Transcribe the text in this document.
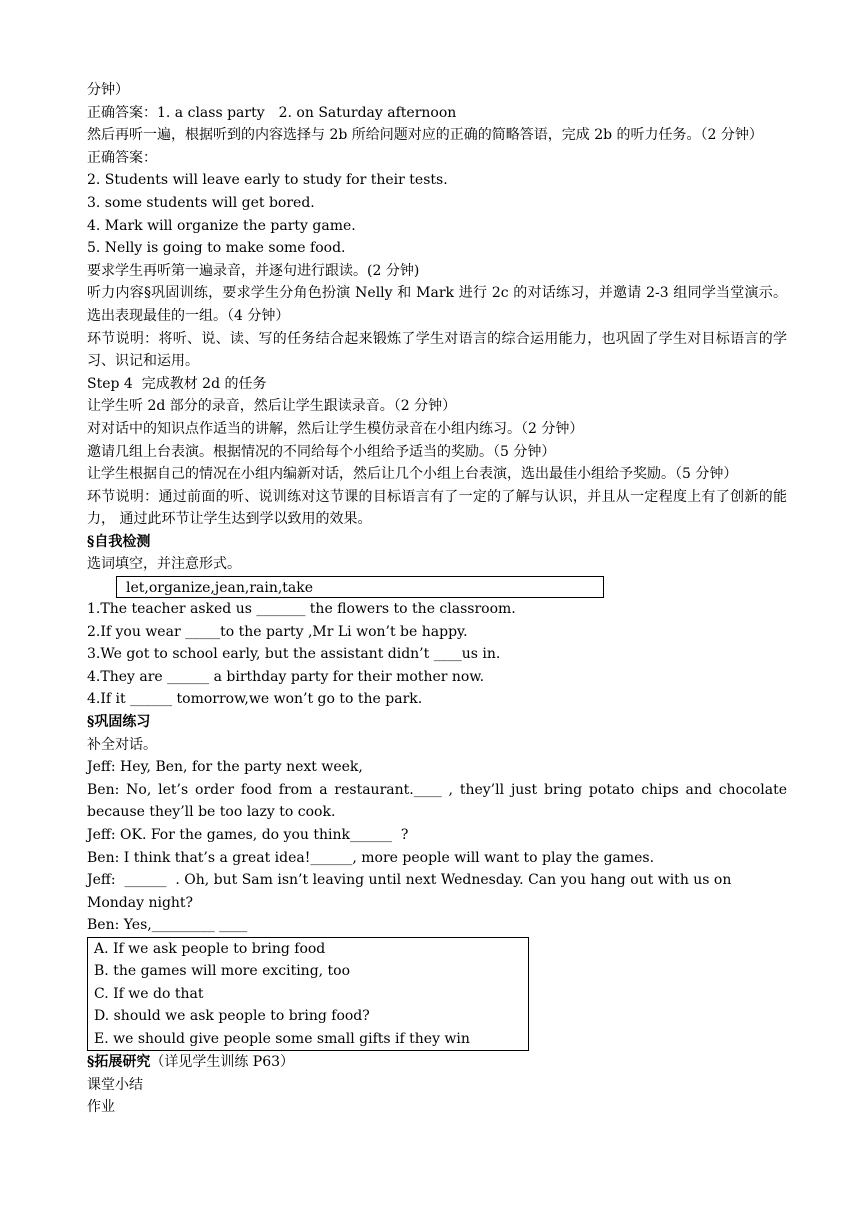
分钟）
正确答案：1. a class party　2. on Saturday afternoon
然后再听一遍，根据听到的内容选择与 2b 所给问题对应的正确的简略答语，完成 2b 的听力任务。（2 分钟）
正确答案：
2. Students will leave early to study for their tests.
3. some students will get bored.
4. Mark will organize the party game.
5. Nelly is going to make some food.
要求学生再听第一遍录音，并逐句进行跟读。(2 分钟)
听力内容§巩固训练，要求学生分角色扮演 Nelly 和 Mark 进行 2c 的对话练习，并邀请 2-3 组同学当堂演示。选出表现最佳的一组。（4 分钟）
环节说明：将听、说、读、写的任务结合起来锻炼了学生对语言的综合运用能力，也巩固了学生对目标语言的学习、识记和运用。
Step 4  完成教材 2d 的任务
让学生听 2d 部分的录音，然后让学生跟读录音。（2 分钟）
对对话中的知识点作适当的讲解，然后让学生模仿录音在小组内练习。（2 分钟）
邀请几组上台表演。根据情况的不同给每个小组给予适当的奖励。（5 分钟）
让学生根据自己的情况在小组内编新对话，然后让几个小组上台表演，选出最佳小组给予奖励。（5 分钟）
环节说明：通过前面的听、说训练对这节课的目标语言有了一定的了解与认识，并且从一定程度上有了创新的能力， 通过此环节让学生达到学以致用的效果。
§自我检测
选词填空，并注意形式。
let,organize,jean,rain,take
1.The teacher asked us _______ the flowers to the classroom.
2.If you wear _____to the party ,Mr Li won’t be happy.
3.We got to school early, but the assistant didn’t ____us in.
4.They are ______ a birthday party for their mother now.
4.If it ______ tomorrow,we won’t go to the park.
§巩固练习
补全对话。
Jeff: Hey, Ben, for the party next week,
Ben: No, let’s order food from a restaurant.____ , they’ll just bring potato chips and chocolate because they’ll be too lazy to cook.
Jeff: OK. For the games, do you think______  ?
Ben: I think that’s a great idea!______, more people will want to play the games.
Jeff:  ______  . Oh, but Sam isn’t leaving until next Wednesday. Can you hang out with us on Monday night?
Ben: Yes,_________ ____
A. If we ask people to bring food
B. the games will more exciting, too
C. If we do that
D. should we ask people to bring food?
E. we should give people some small gifts if they win
§拓展研究（详见学生训练 P63）
课堂小结
作业
